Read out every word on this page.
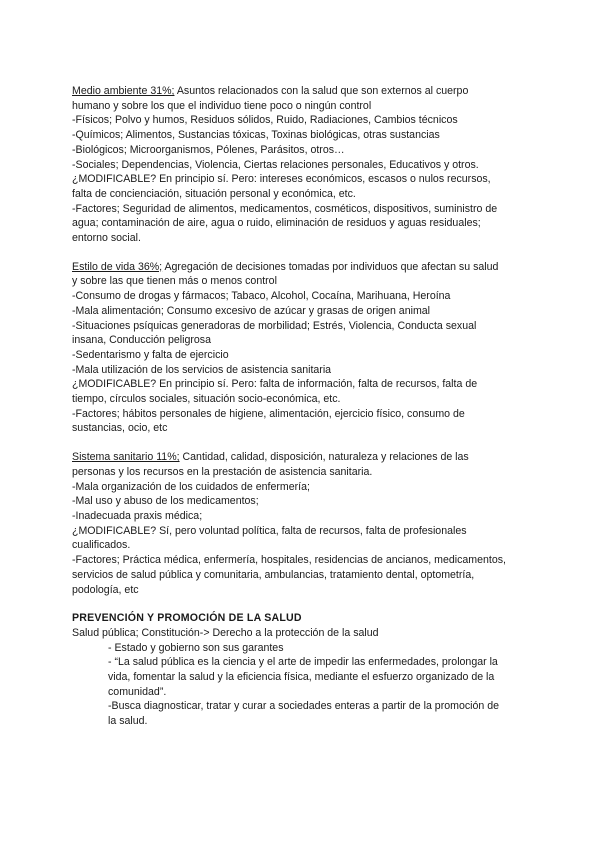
Medio ambiente 31%; Asuntos relacionados con la salud que son externos al cuerpo
humano y sobre los que el individuo tiene poco o ningún control
-Físicos; Polvo y humos, Residuos sólidos, Ruido, Radiaciones, Cambios técnicos
-Químicos; Alimentos, Sustancias tóxicas, Toxinas biológicas, otras sustancias
-Biológicos; Microorganismos, Pólenes, Parásitos, otros…
-Sociales; Dependencias, Violencia, Ciertas relaciones personales, Educativos y otros.
¿MODIFICABLE? En principio sí. Pero: intereses económicos, escasos o nulos recursos,
falta de concienciación, situación personal y económica, etc.
-Factores; Seguridad de alimentos, medicamentos, cosméticos, dispositivos, suministro de
agua; contaminación de aire, agua o ruido, eliminación de residuos y aguas residuales;
entorno social.
Estilo de vida 36%; Agregación de decisiones tomadas por individuos que afectan su salud
y sobre las que tienen más o menos control
-Consumo de drogas y fármacos; Tabaco, Alcohol, Cocaína, Marihuana, Heroína
-Mala alimentación; Consumo excesivo de azúcar y grasas de origen animal
-Situaciones psíquicas generadoras de morbilidad; Estrés, Violencia, Conducta sexual
insana, Conducción peligrosa
-Sedentarismo y falta de ejercicio
-Mala utilización de los servicios de asistencia sanitaria
¿MODIFICABLE? En principio sí. Pero: falta de información, falta de recursos, falta de
tiempo, círculos sociales, situación socio-económica, etc.
-Factores; hábitos personales de higiene, alimentación, ejercicio físico, consumo de
sustancias, ocio, etc
Sistema sanitario 11%; Cantidad, calidad, disposición, naturaleza y relaciones de las
personas y los recursos en la prestación de asistencia sanitaria.
-Mala organización de los cuidados de enfermería;
-Mal uso y abuso de los medicamentos;
-Inadecuada praxis médica;
¿MODIFICABLE? Sí, pero voluntad política, falta de recursos, falta de profesionales
cualificados.
-Factores; Práctica médica, enfermería, hospitales, residencias de ancianos, medicamentos,
servicios de salud pública y comunitaria, ambulancias, tratamiento dental, optometría,
podología, etc
PREVENCIÓN Y PROMOCIÓN DE LA SALUD
Salud pública; Constitución-> Derecho a la protección de la salud
- Estado y gobierno son sus garantes
- “La salud pública es la ciencia y el arte de impedir las enfermedades, prolongar la
vida, fomentar la salud y la eficiencia física, mediante el esfuerzo organizado de la
comunidad”.
-Busca diagnosticar, tratar y curar a sociedades enteras a partir de la promoción de
la salud.
